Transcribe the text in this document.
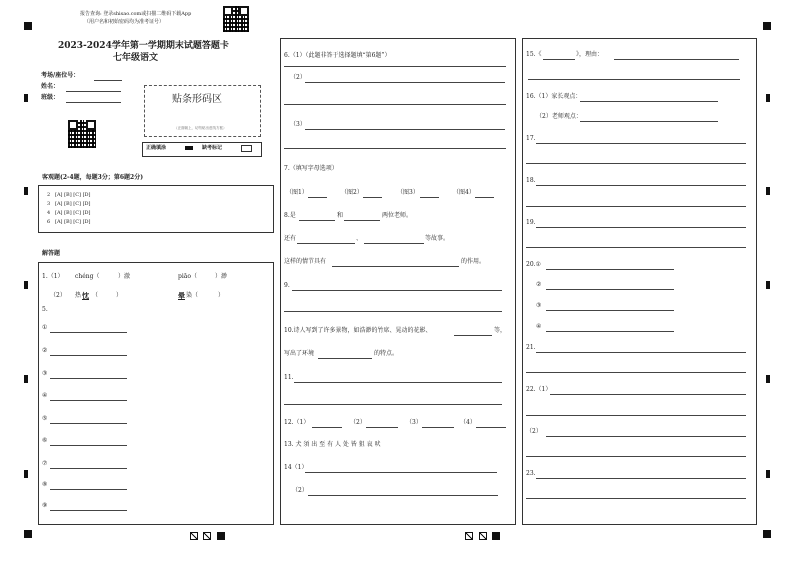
报告查询: 登录shisao.com或扫描二维码下载App
（用户名和初始密码均为准考证号）
2023-2024学年第一学期期末试题答题卡
七年级语文
考场/座位号：
姓名：
班级：	贴条形码区
（正面朝上，切勿贴出虚线方框）
正确填涂	缺考标记
客观题(2-4题，每题3分；第6题2分)
2 [A] [B] [C] [D]
3 [A] [B] [C] [D]
4 [A] [B] [C] [D]
6 [A] [B] [C] [D]
解答题
1.（1） chéng（	）澈	piāo（	）渺
（2） 热 忱 （	）	晕 染（	）
5.
①
②
③
④
⑤
⑥
⑦
⑧
⑨
6.（1）（此题非答于选择题填“第6题”）
（2）
（3）
7.（填写字母选项）
（图1）	（图2）	（图3）	（图4）
8.是	和	两位老师。
还有	、	等故事。
这样的情节具有	的作用。
9.
10.诗人写到了许多景物，如浩渺的竹席、晃动的花影、	等，
写出了环境	的特点。
11.
12.（1）	（2）	（3）	（4）
13. 犬 須 出 至 有 人 处 皆 狙 哀 吠
14（1）
（2）
15.《	》，理由：
16.（1）家长观点：
（2）老师观点：
17.
18.
19.
20.①
②
③
④
21.
22.（1）
（2）
23.
